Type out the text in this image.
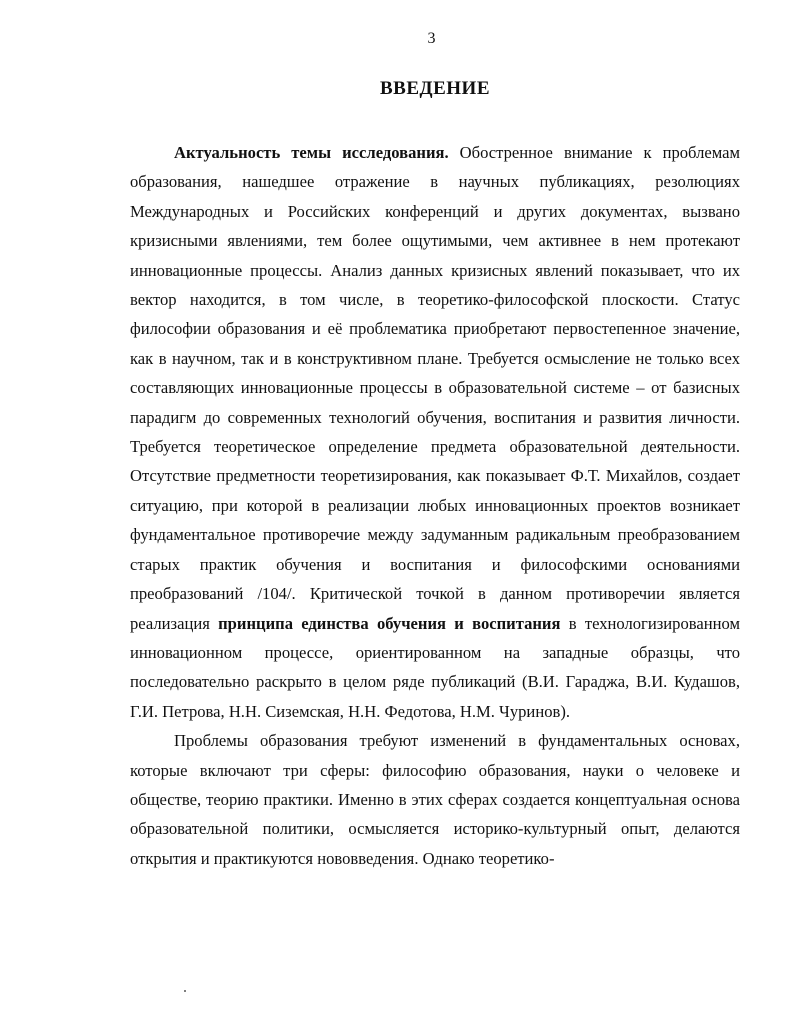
3
ВВЕДЕНИЕ

Актуальность темы исследования. Обостренное внимание к проблемам образования, нашедшее отражение в научных публикациях, резолюциях Международных и Российских конференций и других документах, вызвано кризисными явлениями, тем более ощутимыми, чем активнее в нем протекают инновационные процессы. Анализ данных кризисных явлений показывает, что их вектор находится, в том числе, в теоретико-философской плоскости. Статус философии образования и её проблематика приобретают первостепенное значение, как в научном, так и в конструктивном плане. Требуется осмысление не только всех составляющих инновационные процессы в образовательной системе – от базисных парадигм до современных технологий обучения, воспитания и развития личности. Требуется теоретическое определение предмета образовательной деятельности. Отсутствие предметности теоретизирования, как показывает Ф.Т. Михайлов, создает ситуацию, при которой в реализации любых инновационных проектов возникает фундаментальное противоречие между задуманным радикальным преобразованием старых практик обучения и воспитания и философскими основаниями преобразований /104/. Критической точкой в данном противоречии является реализация принципа единства обучения и воспитания в технологизированном инновационном процессе, ориентированном на западные образцы, что последовательно раскрыто в целом ряде публикаций (В.И. Гараджа, В.И. Кудашов, Г.И. Петрова, Н.Н. Сиземская, Н.Н. Федотова, Н.М. Чуринов).

Проблемы образования требуют изменений в фундаментальных основах, которые включают три сферы: философию образования, науки о человеке и обществе, теорию практики. Именно в этих сферах создается концептуальная основа образовательной политики, осмысляется историко-культурный опыт, делаются открытия и практикуются нововведения. Однако теоретико-
